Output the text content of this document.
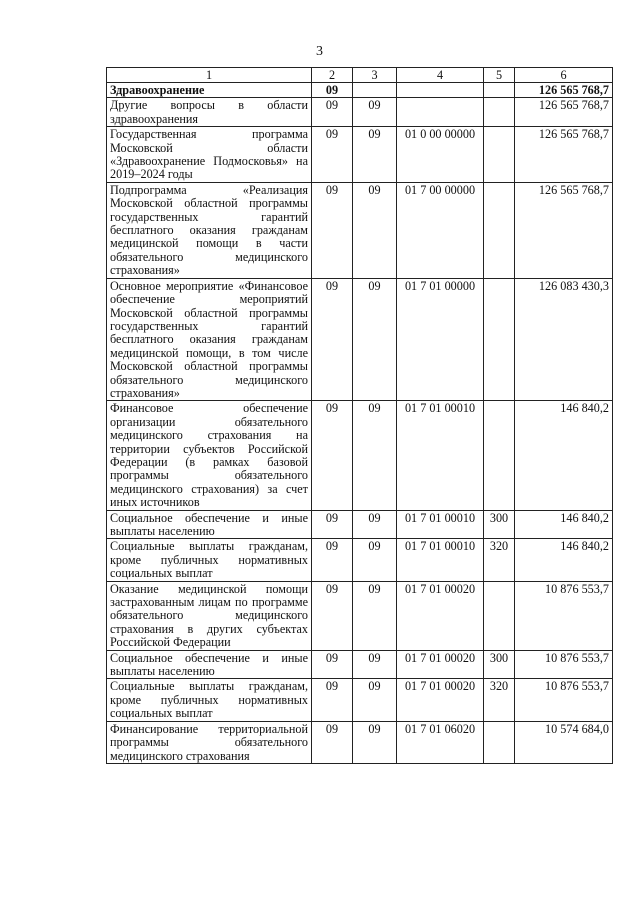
3
1	2	3	4	5	6
Здравоохранение	09				126 565 768,7
Другие вопросы в области здравоохранения	09	09			126 565 768,7
Государственная программа Московской области «Здравоохранение Подмосковья» на 2019–2024 годы	09	09	01 0 00 00000		126 565 768,7
Подпрограмма «Реализация Московской областной программы государственных гарантий бесплатного оказания гражданам медицинской помощи в части обязательного медицинского страхования»	09	09	01 7 00 00000		126 565 768,7
Основное мероприятие «Финансовое обеспечение мероприятий Московской областной программы государственных гарантий бесплатного оказания гражданам медицинской помощи, в том числе Московской областной программы обязательного медицинского страхования»	09	09	01 7 01 00000		126 083 430,3
Финансовое обеспечение организации обязательного медицинского страхования на территории субъектов Российской Федерации (в рамках базовой программы обязательного медицинского страхования) за счет иных источников	09	09	01 7 01 00010		146 840,2
Социальное обеспечение и иные выплаты населению	09	09	01 7 01 00010	300	146 840,2
Социальные выплаты гражданам, кроме публичных нормативных социальных выплат	09	09	01 7 01 00010	320	146 840,2
Оказание медицинской помощи застрахованным лицам по программе обязательного медицинского страхования в других субъектах Российской Федерации	09	09	01 7 01 00020		10 876 553,7
Социальное обеспечение и иные выплаты населению	09	09	01 7 01 00020	300	10 876 553,7
Социальные выплаты гражданам, кроме публичных нормативных социальных выплат	09	09	01 7 01 00020	320	10 876 553,7
Финансирование территориальной программы обязательного медицинского страхования	09	09	01 7 01 06020		10 574 684,0
